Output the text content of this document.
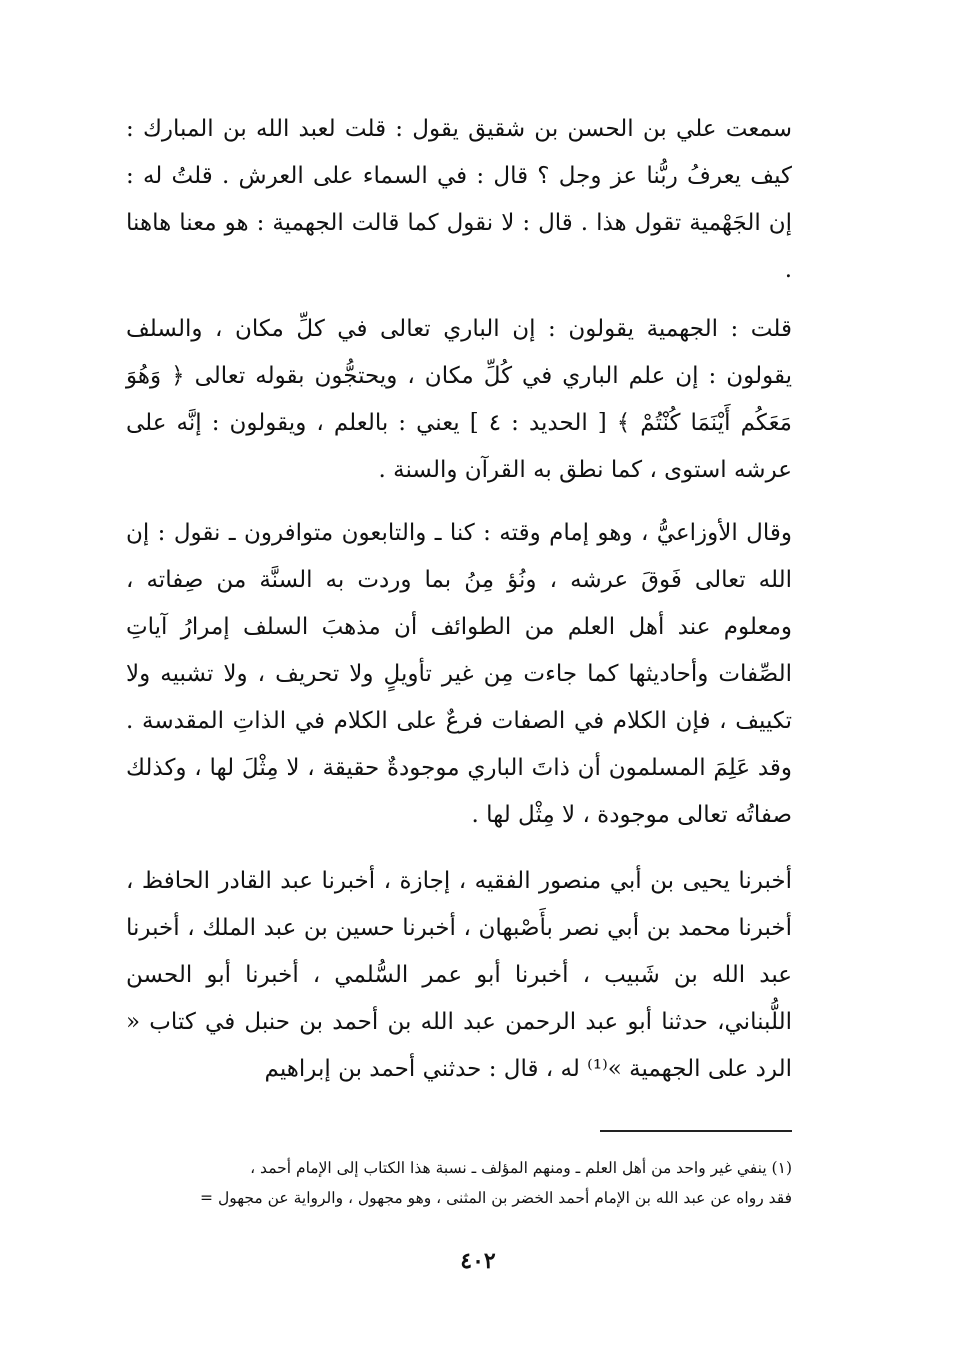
سمعت علي بن الحسن بن شقيق يقول : قلت لعبد الله بن المبارك : كيف يعرفُ ربُّنا عز وجل ؟ قال : في السماء على العرش . قلتُ له : إن الجَهْمية تقول هذا . قال : لا نقول كما قالت الجهمية : هو معنا هاهنا .

قلت : الجهمية يقولون : إن الباري تعالى في كلِّ مكان ، والسلف يقولون : إن علم الباري في كُلِّ مكان ، ويحتجُّون بقوله تعالى ﴿ وَهُوَ مَعَكُم أَيْنَمَا كُنْتُمْ ﴾ [ الحديد : ٤ ] يعني : بالعلم ، ويقولون : إنَّه على عرشه استوى ، كما نطق به القرآن والسنة .

وقال الأوزاعيُّ ، وهو إمام وقته : كنا ـ والتابعون متوافرون ـ نقول : إن الله تعالى فَوقَ عرشه ، ونُؤ مِنُ بما وردت به السنَّة من صِفاته ، ومعلوم عند أهل العلم من الطوائف أن مذهبَ السلف إمرارُ آياتِ الصِّفات وأحاديثها كما جاءت مِن غير تأويلٍ ولا تحريف ، ولا تشبيه ولا تكييف ، فإن الكلام في الصفات فرعٌ على الكلام في الذاتِ المقدسة . وقد عَلِمَ المسلمون أن ذاتَ الباري موجودةٌ حقيقة ، لا مِثْلَ لها ، وكذلك صفاتُه تعالى موجودة ، لا مِثْل لها .

أخبرنا يحيى بن أبي منصور الفقيه ، إجازة ، أخبرنا عبد القادر الحافظ ، أخبرنا محمد بن أبي نصر بأَصْبهان ، أخبرنا حسين بن عبد الملك ، أخبرنا عبد الله بن شَبيب ، أخبرنا أبو عمر السُّلمي ، أخبرنا أبو الحسن اللُّبناني، حدثنا أبو عبد الرحمن عبد الله بن أحمد بن حنبل في كتاب « الرد على الجهمية »⁽¹⁾ له ، قال : حدثني أحمد بن إبراهيم

(١) ينفي غير واحد من أهل العلم ـ ومنهم المؤلف ـ نسبة هذا الكتاب إلى الإمام أحمد ،

فقد رواه عن عبد الله بن الإمام أحمد الخضر بن المثنى ، وهو مجهول ، والرواية عن مجهول =

٤٠٢
